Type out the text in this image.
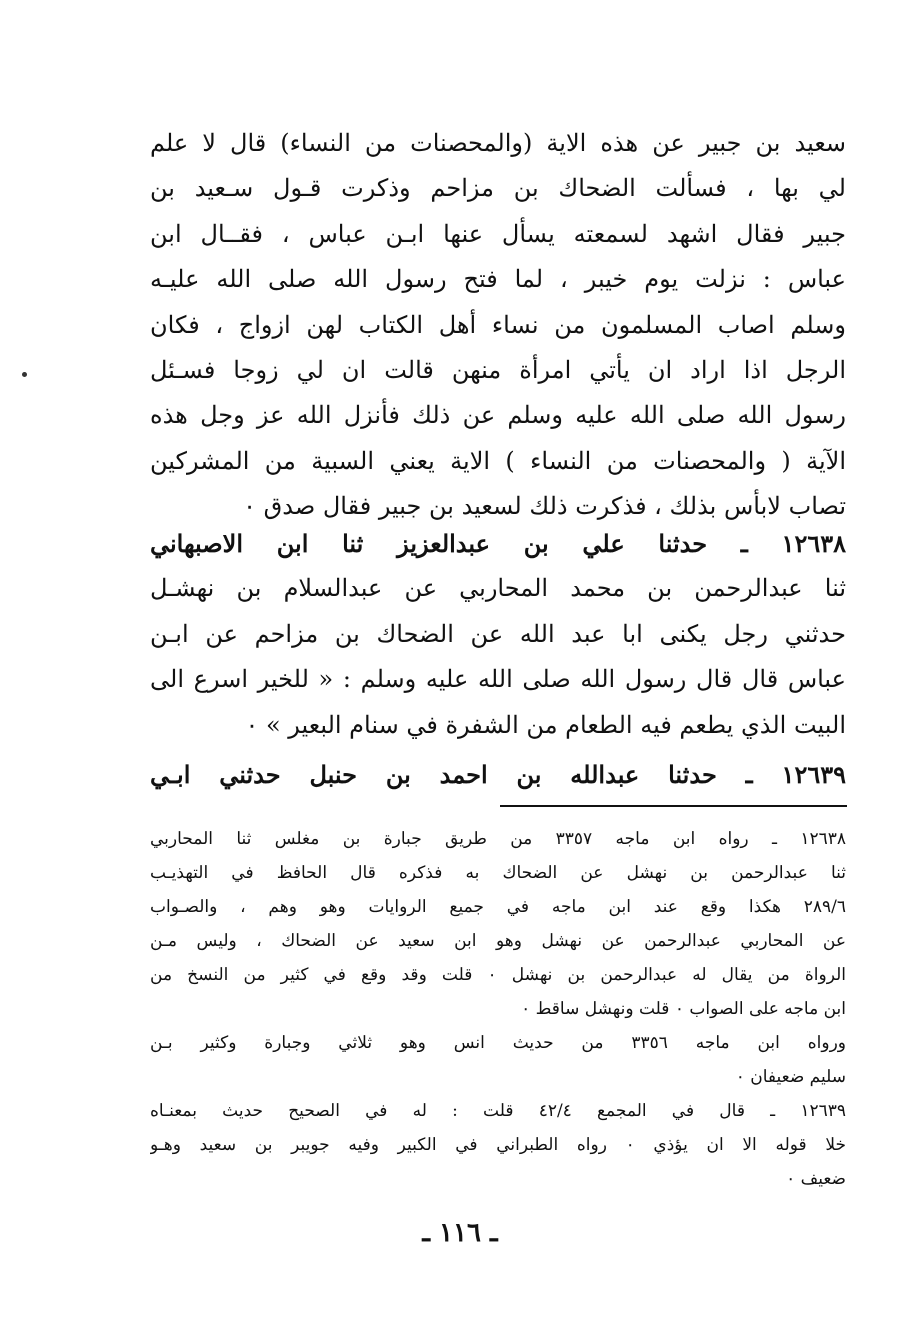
سعيد بن جبير عن هذه الاية (والمحصنات من النساء) قال لا علم
لي بها ، فسألت الضحاك بن مزاحم وذكرت قـول سـعيد بن
جبير فقال اشهد لسمعته يسأل عنها ابـن عباس ، فقــال ابن
عباس : نزلت يوم خيبر ، لما فتح رسول الله صلى الله عليـه
وسلم اصاب المسلمون من نساء أهل الكتاب لهن ازواج ، فكان
الرجل اذا اراد ان يأتي امرأة منهن قالت ان لي زوجا فسـئل
رسول الله صلى الله عليه وسلم عن ذلك فأنزل الله عز وجل هذه
الآية ( والمحصنات من النساء ) الاية يعني السبية من المشركين
تصاب لابأس بذلك ، فذكرت ذلك لسعيد بن جبير فقال صدق ٠
١٢٦٣٨ ـ حدثنا علي بن عبدالعزيز ثنا ابن الاصبهاني
ثنا عبدالرحمن بن محمد المحاربي عن عبدالسلام بن نهشـل
حدثني رجل يكنى ابا عبد الله عن الضحاك بن مزاحم عن ابـن
عباس قال قال رسول الله صلى الله عليه وسلم : « للخير اسرع الى
البيت الذي يطعم فيه الطعام من الشفرة في سنام البعير » ٠
١٢٦٣٩ ـ حدثنا عبدالله بن احمد بن حنبل حدثني ابـي
١٢٦٣٨ ـ رواه ابن ماجه ٣٣٥٧ من طريق جبارة بن مغلس ثنا المحاربي
ثنا عبدالرحمن بن نهشل عن الضحاك به فذكره قال الحافظ في التهذيـب
٢٨٩/٦ هكذا وقع عند ابن ماجه في جميع الروايات وهو وهم ، والصـواب
عن المحاربي عبدالرحمن عن نهشل وهو ابن سعيد عن الضحاك ، وليس مـن
الرواة من يقال له عبدالرحمن بن نهشل ٠ قلت وقد وقع في كثير من النسخ من
ابن ماجه على الصواب ٠ قلت ونهشل ساقط ٠
ورواه ابن ماجه ٣٣٥٦ من حديث انس وهو ثلاثي وجبارة وكثير بـن
سليم ضعيفان ٠
١٢٦٣٩ ـ قال في المجمع ٤٢/٤ قلت : له في الصحيح حديث بمعنـاه
خلا قوله الا ان يؤذي ٠ رواه الطبراني في الكبير وفيه جويبر بن سعيد وهـو
ضعيف ٠
ـ ١١٦ ـ
